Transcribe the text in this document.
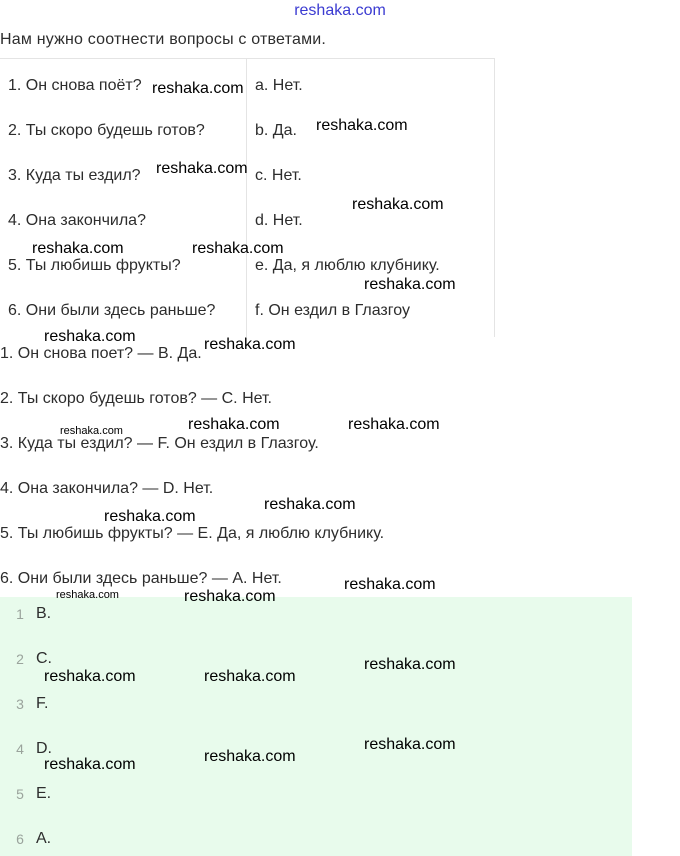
reshaka.com
Нам нужно соотнести вопросы с ответами.
1. Он снова поёт?	a. Нет.
2. Ты скоро будешь готов?	b. Да.
3. Куда ты ездил?	c. Нет.
4. Она закончила?	d. Нет.
5. Ты любишь фрукты?	e. Да, я люблю клубнику.
6. Они были здесь раньше? f. Он ездил в Глазгоу
1. Он снова поет? — B. Да.
2. Ты скоро будешь готов? — C. Нет.
3. Куда ты ездил? — F. Он ездил в Глазгоу.
4. Она закончила? — D. Нет.
5. Ты любишь фрукты? — E. Да, я люблю клубнику.
6. Они были здесь раньше? — A. Нет.
1 B.
2 C.
3 F.
4 D.
5 E.
6 A.
reshaka.com
reshaka.com
reshaka.com
reshaka.com
reshaka.com	reshaka.com
reshaka.com
reshaka.com	reshaka.com
reshaka.com	reshaka.com
reshaka.com
reshaka.com
reshaka.com
reshaka.com
reshaka.com	reshaka.com
reshaka.com
reshaka.com	reshaka.com
reshaka.com
reshaka.com
reshaka.com
